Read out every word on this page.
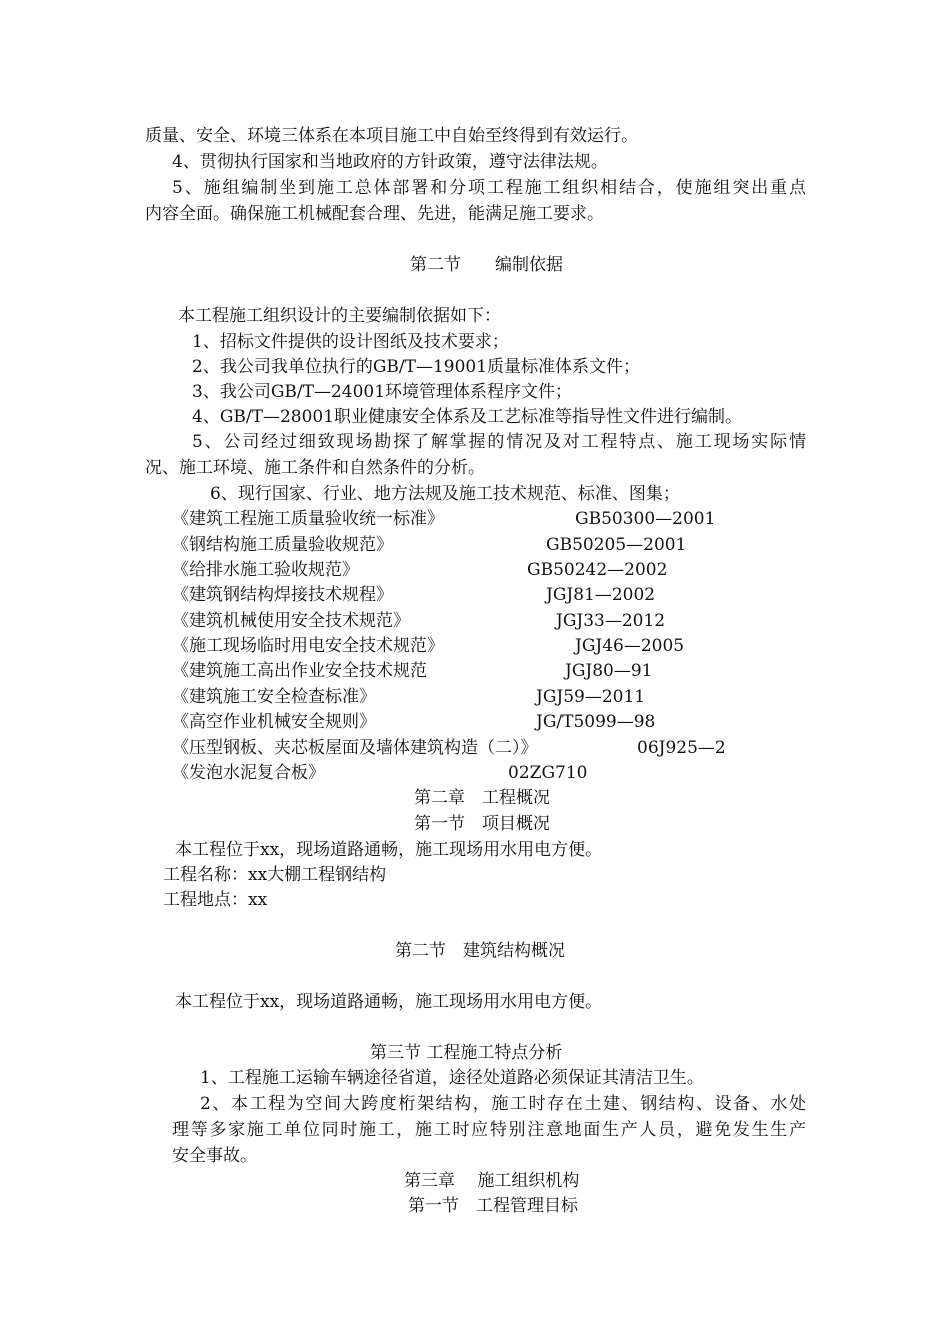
质量、安全、环境三体系在本项目施工中自始至终得到有效运行。

4、贯彻执行国家和当地政府的方针政策，遵守法律法规。

5、施组编制坐到施工总体部署和分项工程施工组织相结合，使施组突出重点

内容全面。确保施工机械配套合理、先进，能满足施工要求。

第二节　　编制依据

本工程施工组织设计的主要编制依据如下：

1、招标文件提供的设计图纸及技术要求；

2、我公司我单位执行的GB/T—19001质量标准体系文件；

3、我公司GB/T—24001环境管理体系程序文件；

4、GB/T—28001职业健康安全体系及工艺标准等指导性文件进行编制。

5、公司经过细致现场勘探了解掌握的情况及对工程特点、施工现场实际情

况、施工环境、施工条件和自然条件的分析。

6、现行国家、行业、地方法规及施工技术规范、标准、图集；

《建筑工程施工质量验收统一标准》	GB50300—2001
《钢结构施工质量验收规范》	GB50205—2001
《给排水施工验收规范》	GB50242—2002
《建筑钢结构焊接技术规程》	JGJ81—2002
《建筑机械使用安全技术规范》	JGJ33—2012
《施工现场临时用电安全技术规范》	JGJ46—2005
《建筑施工高出作业安全技术规范	JGJ80—91
《建筑施工安全检查标准》	JGJ59—2011
《高空作业机械安全规则》	JG/T5099—98
《压型钢板、夹芯板屋面及墙体建筑构造（二）》	06J925—2
《发泡水泥复合板》	02ZG710

第二章　工程概况

第一节　项目概况

本工程位于xx，现场道路通畅，施工现场用水用电方便。

工程名称：xx大棚工程钢结构

工程地点：xx

第二节　建筑结构概况

本工程位于xx，现场道路通畅，施工现场用水用电方便。

第三节 工程施工特点分析

1、工程施工运输车辆途径省道，途径处道路必须保证其清洁卫生。

2、本工程为空间大跨度桁架结构，施工时存在土建、钢结构、设备、水处

理等多家施工单位同时施工，施工时应特别注意地面生产人员，避免发生生产

安全事故。

第三章　 施工组织机构

第一节　工程管理目标
